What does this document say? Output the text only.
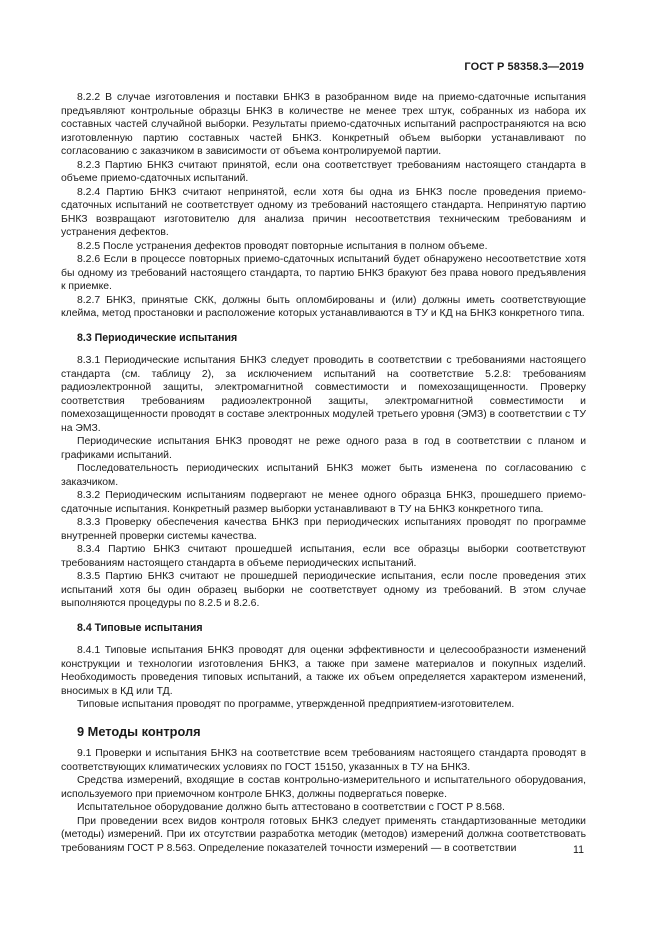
ГОСТ Р 58358.3—2019
8.2.2 В случае изготовления и поставки БНКЗ в разобранном виде на приемо-сдаточные испытания предъявляют контрольные образцы БНКЗ в количестве не менее трех штук, собранных из набора их составных частей случайной выборки. Результаты приемо-сдаточных испытаний распространяются на всю изготовленную партию составных частей БНКЗ. Конкретный объем выборки устанавливают по согласованию с заказчиком в зависимости от объема контролируемой партии.
8.2.3 Партию БНКЗ считают принятой, если она соответствует требованиям настоящего стандарта в объеме приемо-сдаточных испытаний.
8.2.4 Партию БНКЗ считают непринятой, если хотя бы одна из БНКЗ после проведения приемо-сдаточных испытаний не соответствует одному из требований настоящего стандарта. Непринятую партию БНКЗ возвращают изготовителю для анализа причин несоответствия техническим требованиям и устранения дефектов.
8.2.5 После устранения дефектов проводят повторные испытания в полном объеме.
8.2.6 Если в процессе повторных приемо-сдаточных испытаний будет обнаружено несоответствие хотя бы одному из требований настоящего стандарта, то партию БНКЗ бракуют без права нового предъявления к приемке.
8.2.7 БНКЗ, принятые СКК, должны быть опломбированы и (или) должны иметь соответствующие клейма, метод простановки и расположение которых устанавливаются в ТУ и КД на БНКЗ конкретного типа.
8.3 Периодические испытания
8.3.1 Периодические испытания БНКЗ следует проводить в соответствии с требованиями настоящего стандарта (см. таблицу 2), за исключением испытаний на соответствие 5.2.8: требованиям радиоэлектронной защиты, электромагнитной совместимости и помехозащищенности. Проверку соответствия требованиям радиоэлектронной защиты, электромагнитной совместимости и помехозащищенности проводят в составе электронных модулей третьего уровня (ЭМЗ) в соответствии с ТУ на ЭМЗ.
Периодические испытания БНКЗ проводят не реже одного раза в год в соответствии с планом и графиками испытаний.
Последовательность периодических испытаний БНКЗ может быть изменена по согласованию с заказчиком.
8.3.2 Периодическим испытаниям подвергают не менее одного образца БНКЗ, прошедшего приемо-сдаточные испытания. Конкретный размер выборки устанавливают в ТУ на БНКЗ конкретного типа.
8.3.3 Проверку обеспечения качества БНКЗ при периодических испытаниях проводят по программе внутренней проверки системы качества.
8.3.4 Партию БНКЗ считают прошедшей испытания, если все образцы выборки соответствуют требованиям настоящего стандарта в объеме периодических испытаний.
8.3.5 Партию БНКЗ считают не прошедшей периодические испытания, если после проведения этих испытаний хотя бы один образец выборки не соответствует одному из требований. В этом случае выполняются процедуры по 8.2.5 и 8.2.6.
8.4 Типовые испытания
8.4.1 Типовые испытания БНКЗ проводят для оценки эффективности и целесообразности изменений конструкции и технологии изготовления БНКЗ, а также при замене материалов и покупных изделий. Необходимость проведения типовых испытаний, а также их объем определяется характером изменений, вносимых в КД или ТД.
Типовые испытания проводят по программе, утвержденной предприятием-изготовителем.
9 Методы контроля
9.1 Проверки и испытания БНКЗ на соответствие всем требованиям настоящего стандарта проводят в соответствующих климатических условиях по ГОСТ 15150, указанных в ТУ на БНКЗ.
Средства измерений, входящие в состав контрольно-измерительного и испытательного оборудования, используемого при приемочном контроле БНКЗ, должны подвергаться поверке.
Испытательное оборудование должно быть аттестовано в соответствии с ГОСТ Р 8.568.
При проведении всех видов контроля готовых БНКЗ следует применять стандартизованные методики (методы) измерений. При их отсутствии разработка методик (методов) измерений должна соответствовать требованиям ГОСТ Р 8.563. Определение показателей точности измерений — в соответствии	11
